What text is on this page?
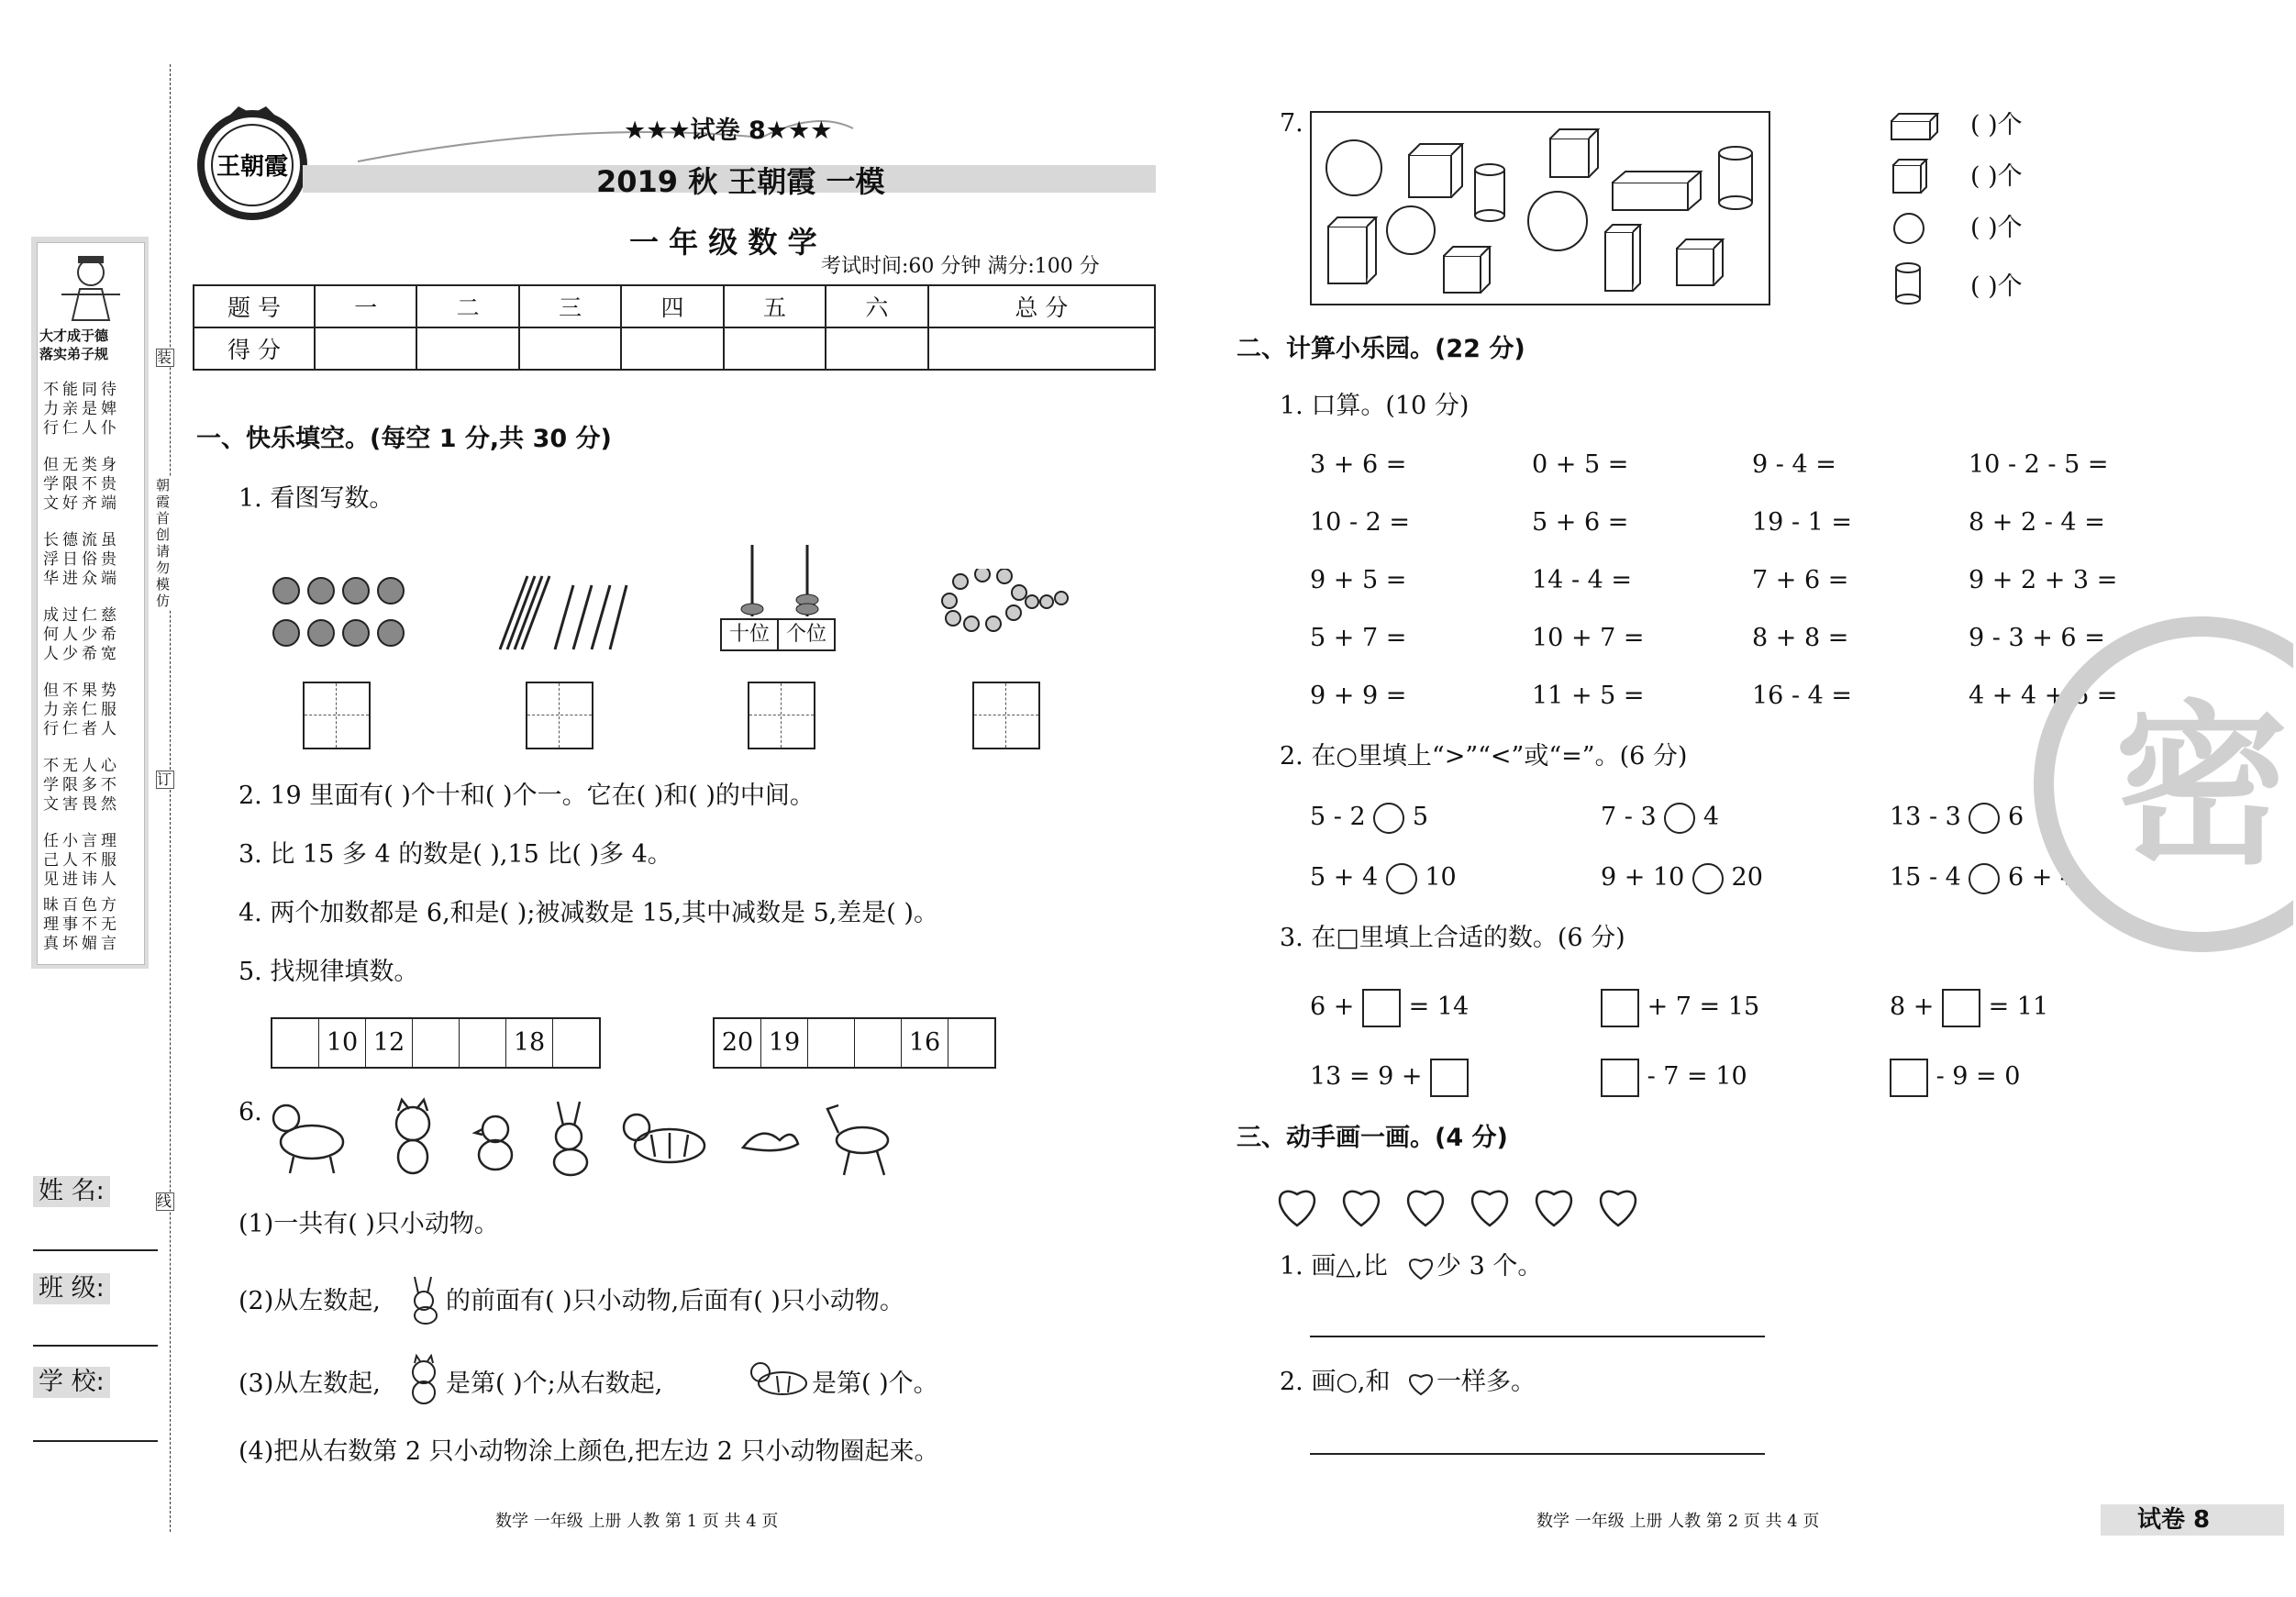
大才成于德
落实弟子规
不能同待
力亲是婢
行仁人仆
但无类身
学限不贵
文好齐端
长德流虽
浮日俗贵
华进众端
成过仁慈
何人少希
人少希宽
但不果势
力亲仁服
行仁者人
不无人心
学限多不
文害畏然
任小言理
己人不服
见进讳人
昧百色方
理事不无
真坏媚言
装
朝霞首创 请勿模仿
订
线
姓 名:
班 级:
学 校:
王朝霞
★★★试卷 8★★★
2019 秋 王朝霞 一模
一 年 级 数 学
考试时间:60 分钟 满分:100 分
题 号	一	二	三	四	五	六	总 分
得 分							
一、快乐填空。(每空 1 分,共 30 分)
1. 看图写数。
十位 个位
2. 19 里面有( )个十和( )个一。它在( )和( )的中间。
3. 比 15 多 4 的数是( ),15 比( )多 4。
4. 两个加数都是 6,和是( );被减数是 15,其中减数是 5,差是( )。
5. 找规律填数。
10 12	18	20 19	16
6.
(1)一共有( )只小动物。
(2)从左数起,	的前面有( )只小动物,后面有( )只小动物。
(3)从左数起,	是第( )个;从右数起,	是第( )个。
(4)把从右数第 2 只小动物涂上颜色,把左边 2 只小动物圈起来。
7.	( )个
( )个
( )个
( )个
二、计算小乐园。(22 分)
1. 口算。(10 分)
3 + 6 =	0 + 5 =	9 - 4 =	10 - 2 - 5 =
10 - 2 =	5 + 6 =	19 - 1 =	8 + 2 - 4 =
9 + 5 =	14 - 4 =	7 + 6 =	9 + 2 + 3 =
5 + 7 =	10 + 7 =	8 + 8 =	9 - 3 + 6 =
9 + 9 =	11 + 5 =	16 - 4 =	4 + 4 + 6 =
2. 在○里填上“>”“<”或“=”。(6 分)
5 - 2 5	7 - 3 4	13 - 3 6
5 + 4 10	9 + 10 20	15 - 4 6 + 4
3. 在□里填上合适的数。(6 分)
6 + = 14	+ 7 = 15	8 + = 11
13 = 9 +	- 7 = 10	- 9 = 0
三、动手画一画。(4 分)
1. 画△,比 少 3 个。
2. 画○,和 一样多。
密
数学 一年级 上册 人教 第 1 页 共 4 页	数学 一年级 上册 人教 第 2 页 共 4 页	试卷 8
